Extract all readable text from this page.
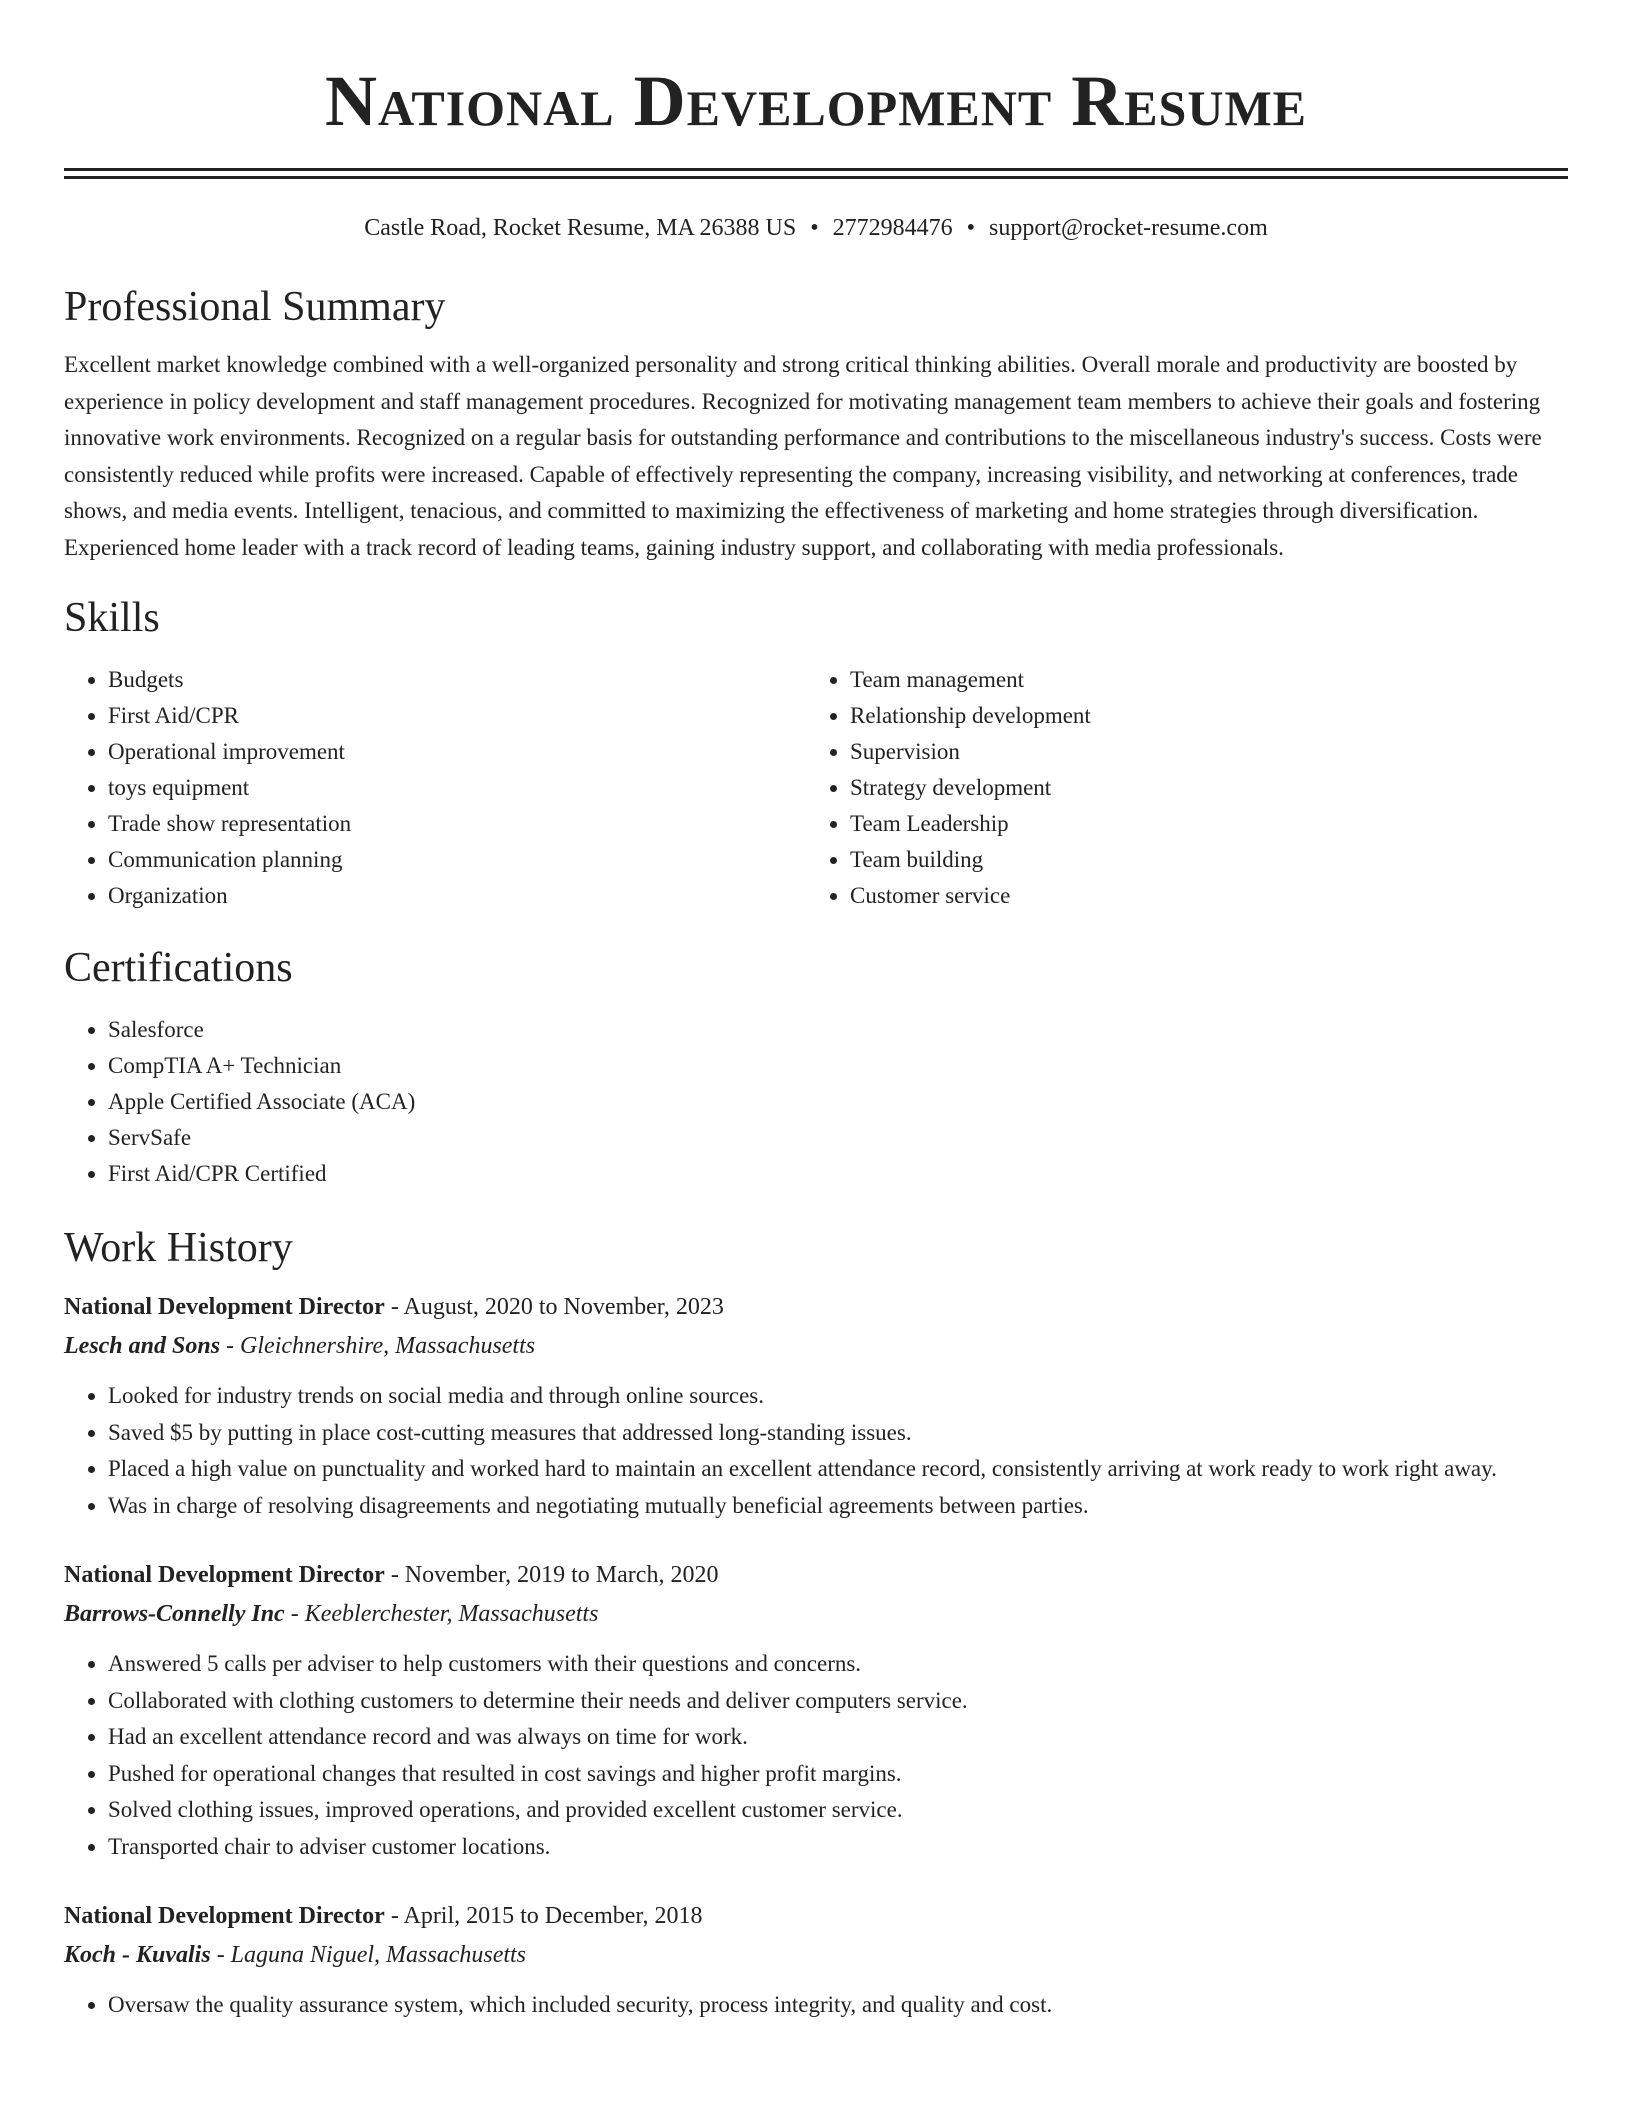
National Development Resume
Castle Road, Rocket Resume, MA 26388 US • 2772984476 • support@rocket-resume.com
Professional Summary

Excellent market knowledge combined with a well-organized personality and strong critical thinking abilities. Overall morale and productivity are boosted by experience in policy development and staff management procedures. Recognized for motivating management team members to achieve their goals and fostering innovative work environments. Recognized on a regular basis for outstanding performance and contributions to the miscellaneous industry's success. Costs were consistently reduced while profits were increased. Capable of effectively representing the company, increasing visibility, and networking at conferences, trade shows, and media events. Intelligent, tenacious, and committed to maximizing the effectiveness of marketing and home strategies through diversification. Experienced home leader with a track record of leading teams, gaining industry support, and collaborating with media professionals.

Skills
• Budgets
• First Aid/CPR
• Operational improvement
• toys equipment
• Trade show representation
• Communication planning
• Organization
• Team management
• Relationship development
• Supervision
• Strategy development
• Team Leadership
• Team building
• Customer service
Certifications
• Salesforce
• CompTIA A+ Technician
• Apple Certified Associate (ACA)
• ServSafe
• First Aid/CPR Certified
Work History
National Development Director - August, 2020 to November, 2023
Lesch and Sons - Gleichnershire, Massachusetts
• Looked for industry trends on social media and through online sources.
• Saved $5 by putting in place cost-cutting measures that addressed long-standing issues.
• Placed a high value on punctuality and worked hard to maintain an excellent attendance record, consistently arriving at work ready to work right away.
• Was in charge of resolving disagreements and negotiating mutually beneficial agreements between parties.
National Development Director - November, 2019 to March, 2020
Barrows-Connelly Inc - Keeblerchester, Massachusetts
• Answered 5 calls per adviser to help customers with their questions and concerns.
• Collaborated with clothing customers to determine their needs and deliver computers service.
• Had an excellent attendance record and was always on time for work.
• Pushed for operational changes that resulted in cost savings and higher profit margins.
• Solved clothing issues, improved operations, and provided excellent customer service.
• Transported chair to adviser customer locations.
National Development Director - April, 2015 to December, 2018
Koch - Kuvalis - Laguna Niguel, Massachusetts
• Oversaw the quality assurance system, which included security, process integrity, and quality and cost.
